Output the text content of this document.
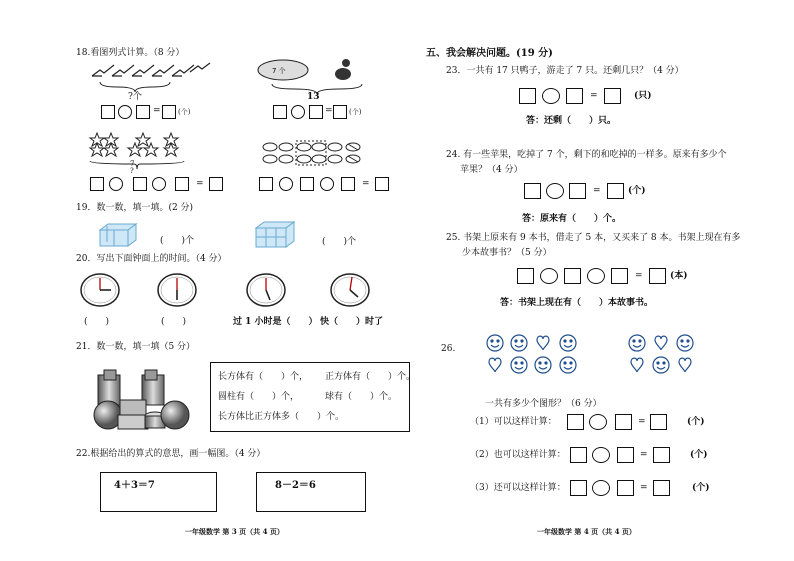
18.看图列式计算。（8 分）
?个
= (个)
7 个
13
= (个)
7
?
=	=
19．数一数，填一填。(2 分)
(　　)个	(　　)个
20．写出下面钟面上的时间。（4 分）
(　　)	(　　)	过 1 小时是（　　） 快（　　）时了
21．数一数，填一填（5 分）
长方体有（　　）个， 正方体有（　　）个。
圆柱有（　　）个，	球有（　　）个。
长方体比正方体多（　　）个。
22.根据给出的算式的意思，画一幅图。（4 分）
4＋3＝7	8－2＝6
一年级数学 第 3 页（共 4 页）
五、我会解决问题。(19 分)
23．一共有 17 只鸭子，游走了 7 只。还剩几只？（4 分）
=	(只)
答：还剩（　　）只。
24. 有一些苹果，吃掉了 7 个，剩下的和吃掉的一样多。原来有多少个
苹果？（4 分）
=	(个)
答：原来有（　　）个。
25. 书架上原来有 9 本书，借走了 5 本，又买来了 8 本。书架上现在有多
少本故事书？（5 分）
=	(本)
答：书架上现在有（　　）本故事书。
26.
一共有多少个图形？（6 分）
（1）可以这样计算：	=	(个)
（2）也可以这样计算：	=	(个)
（3）还可以这样计算：	=	(个)
一年级数学 第 4 页（共 4 页）
